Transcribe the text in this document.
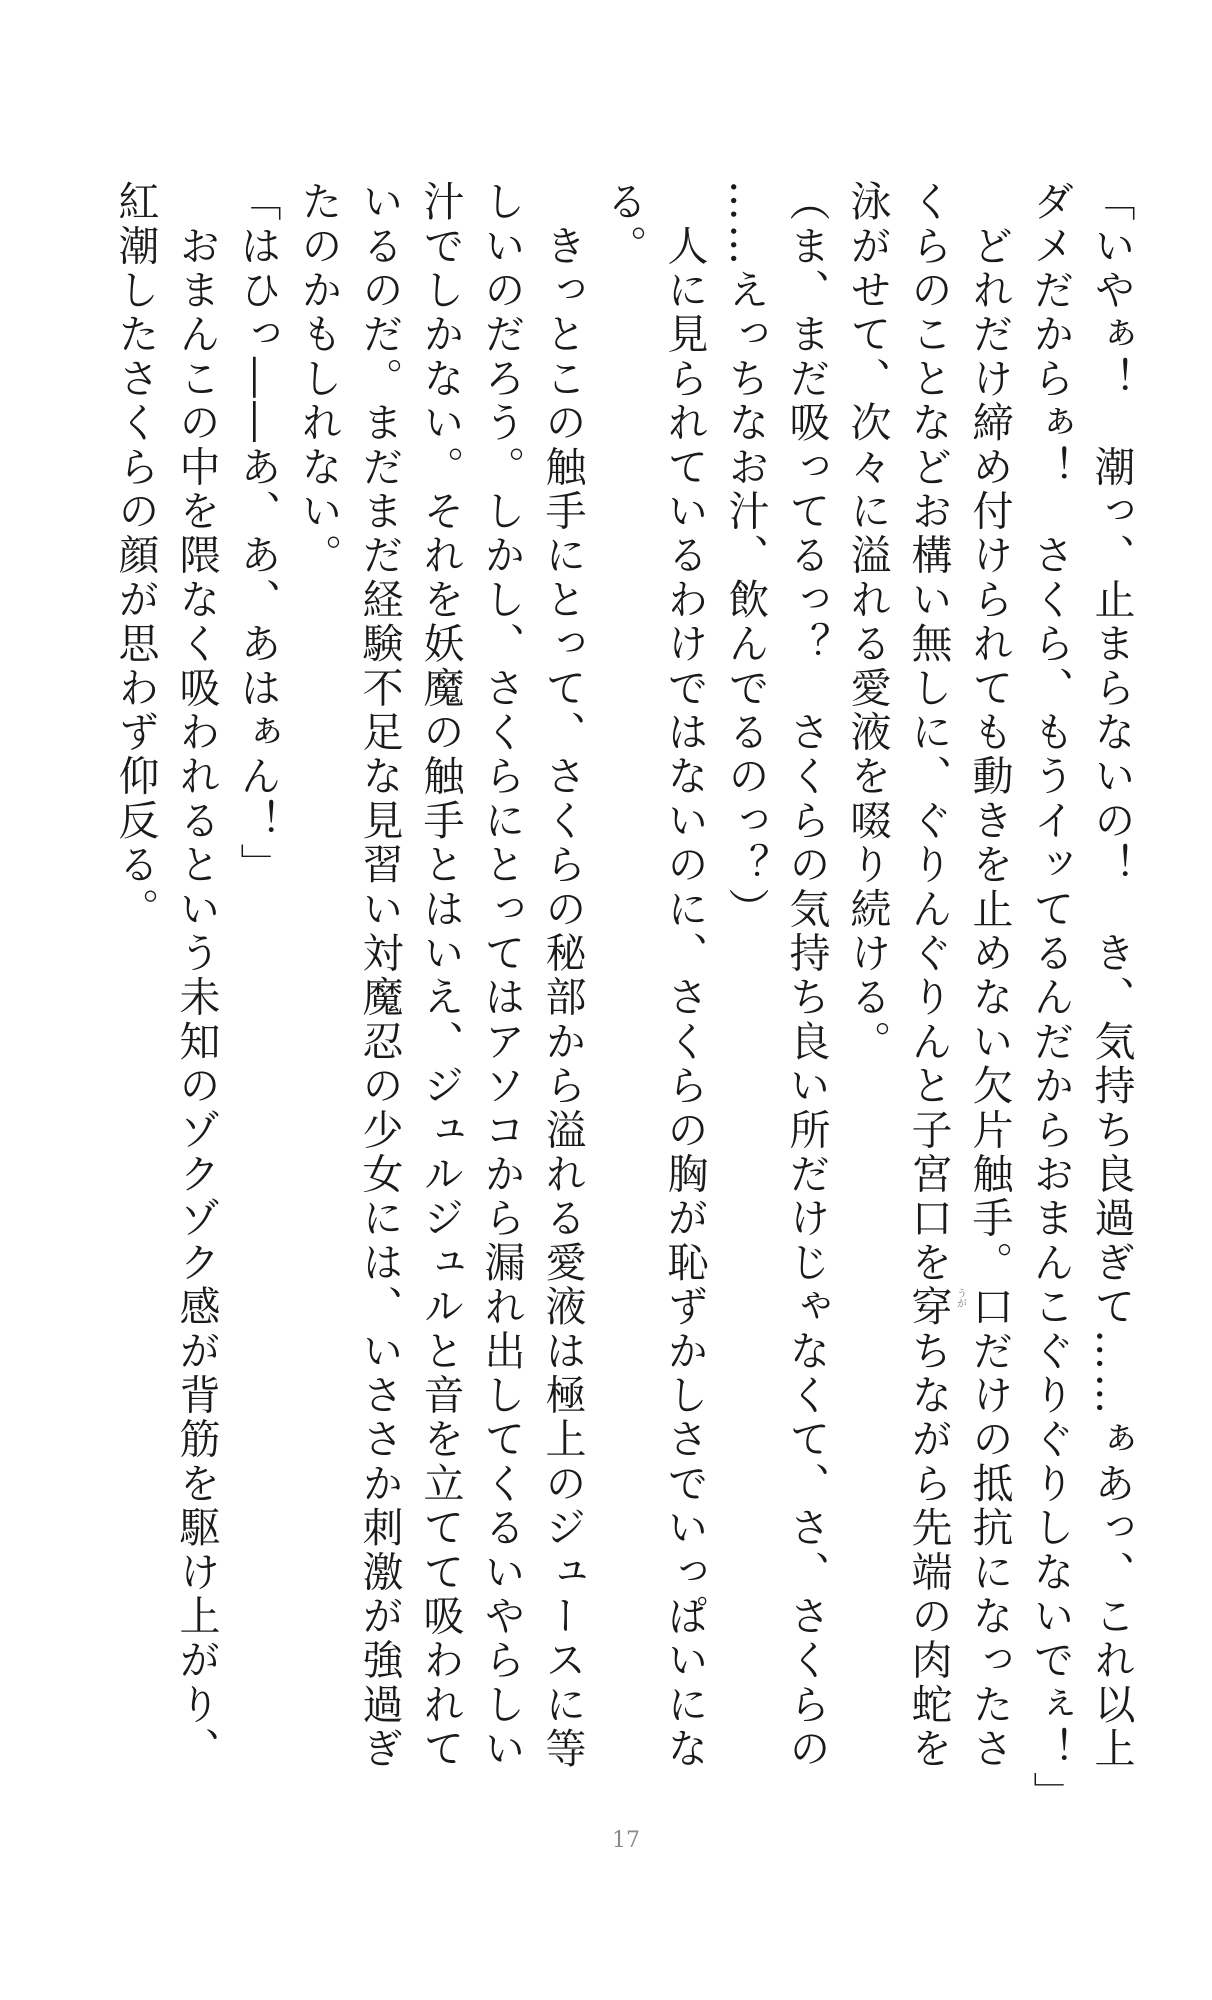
「いやぁ！　潮っ、止まらないの！　き、気持ち良過ぎて……ぁあっ、これ以上
ダメだからぁ！　さくら、もうイッてるんだからおまんこぐりぐりしないでぇ！」
　どれだけ締め付けられても動きを止めない欠片触手。口だけの抵抗になったさ
くらのことなどお構い無しに、ぐりんぐりんと子宮口を穿ちながら先端の肉蛇を
うが
泳がせて、次々に溢れる愛液を啜り続ける。
（ま、まだ吸ってるっ？　さくらの気持ち良い所だけじゃなくて、さ、さくらの
……えっちなお汁、飲んでるのっ？）
　人に見られているわけではないのに、さくらの胸が恥ずかしさでいっぱいにな
る。
　きっとこの触手にとって、さくらの秘部から溢れる愛液は極上のジュースに等
しいのだろう。しかし、さくらにとってはアソコから漏れ出してくるいやらしい
汁でしかない。それを妖魔の触手とはいえ、ジュルジュルと音を立てて吸われて
いるのだ。まだまだ経験不足な見習い対魔忍の少女には、いささか刺激が強過ぎ
たのかもしれない。
「はひっ――あ、あ、あはぁん！」
　おまんこの中を隈なく吸われるという未知のゾクゾク感が背筋を駆け上がり、
紅潮したさくらの顔が思わず仰反る。
17
